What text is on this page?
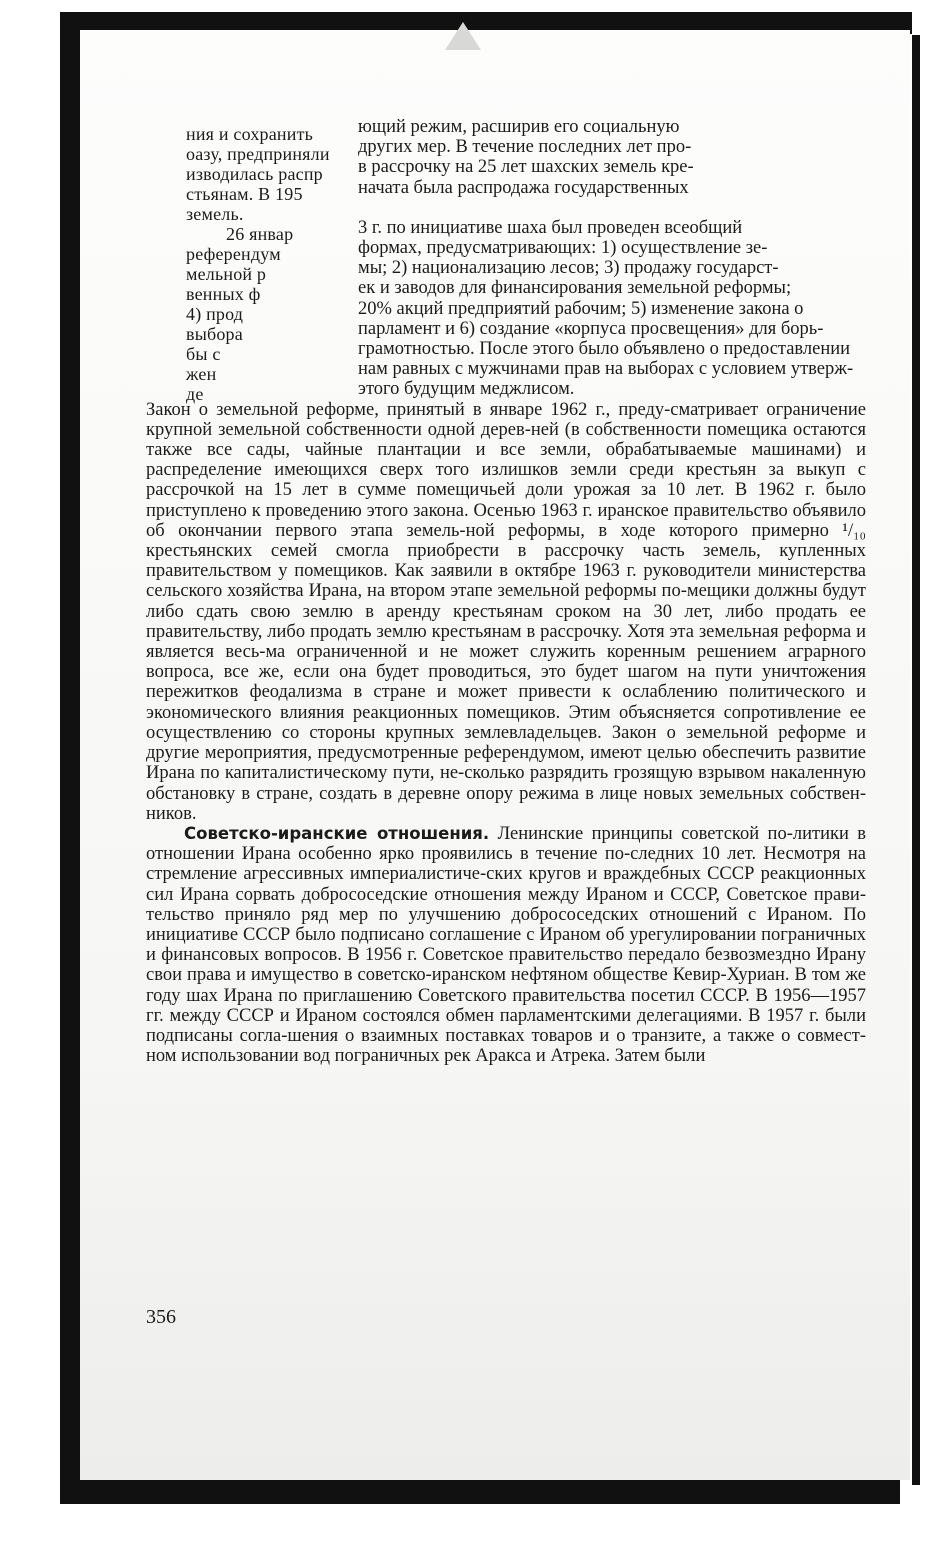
ния и сохранить
оазу, предприняли
изводилась распр
стьянам. В 195
земель.
26 январ
референдум
мельной р
венных ф
4) прод
выбора
бы с
жен
де
ющий режим, расширив его социальную
других мер. В течение последних лет про-
в рассрочку на 25 лет шахских земель кре-
начата была распродажа государственных
3 г. по инициативе шаха был проведен всеобщий
формах, предусматривающих: 1) осуществление зе-
мы; 2) национализацию лесов; 3) продажу государст-
ек и заводов для финансирования земельной реформы;
20% акций предприятий рабочим; 5) изменение закона о
парламент и 6) создание «корпуса просвещения» для борь-
грамотностью. После этого было объявлено о предоставлении
нам равных с мужчинами прав на выборах с условием утверж-
этого будущим меджлисом.

Закон о земельной реформе, принятый в январе 1962 г., преду-сматривает ограничение крупной земельной собственности одной дерев-ней (в собственности помещика остаются также все сады, чайные плантации и все земли, обрабатываемые машинами) и распределение имеющихся сверх того излишков земли среди крестьян за выкуп с рассрочкой на 15 лет в сумме помещичьей доли урожая за 10 лет. В 1962 г. было приступлено к проведению этого закона. Осенью 1963 г. иранское правительство объявило об окончании первого этапа земель-ной реформы, в ходе которого примерно ¹/₁₀ крестьянских семей смогла приобрести в рассрочку часть земель, купленных правительством у помещиков. Как заявили в октябре 1963 г. руководители министерства сельского хозяйства Ирана, на втором этапе земельной реформы по-мещики должны будут либо сдать свою землю в аренду крестьянам сроком на 30 лет, либо продать ее правительству, либо продать землю крестьянам в рассрочку. Хотя эта земельная реформа и является весь-ма ограниченной и не может служить коренным решением аграрного вопроса, все же, если она будет проводиться, это будет шагом на пути уничтожения пережитков феодализма в стране и может привести к ослаблению политического и экономического влияния реакционных помещиков. Этим объясняется сопротивление ее осуществлению со стороны крупных землевладельцев. Закон о земельной реформе и другие мероприятия, предусмотренные референдумом, имеют целью обеспечить развитие Ирана по капиталистическому пути, не-сколько разрядить грозящую взрывом накаленную обстановку в стране, создать в деревне опору режима в лице новых земельных собствен-ников.

Советско-иранские отношения. Ленинские принципы советской по-литики в отношении Ирана особенно ярко проявились в течение по-следних 10 лет. Несмотря на стремление агрессивных империалистиче-ских кругов и враждебных СССР реакционных сил Ирана сорвать добрососедские отношения между Ираном и СССР, Советское прави-тельство приняло ряд мер по улучшению добрососедских отношений с Ираном. По инициативе СССР было подписано соглашение с Ираном об урегулировании пограничных и финансовых вопросов. В 1956 г. Советское правительство передало безвозмездно Ирану свои права и имущество в советско-иранском нефтяном обществе Кевир-Хуриан. В том же году шах Ирана по приглашению Советского правительства посетил СССР. В 1956—1957 гг. между СССР и Ираном состоялся обмен парламентскими делегациями. В 1957 г. были подписаны согла-шения о взаимных поставках товаров и о транзите, а также о совмест-ном использовании вод пограничных рек Аракса и Атрека. Затем были

356
